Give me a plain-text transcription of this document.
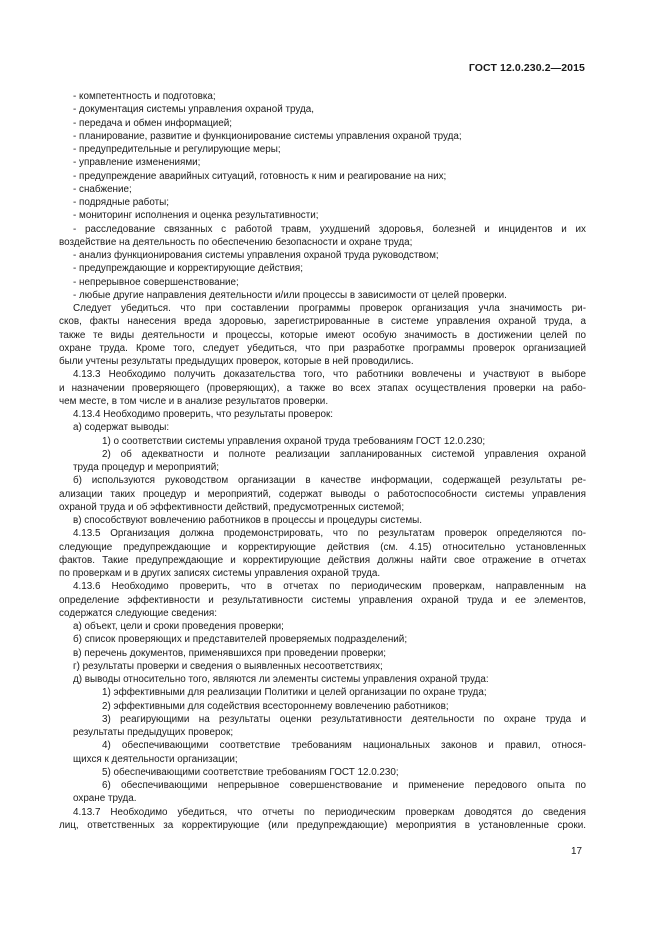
ГОСТ 12.0.230.2—2015
- компетентность и подготовка;
- документация системы управления охраной труда,
- передача и обмен информацией;
- планирование, развитие и функционирование системы управления охраной труда;
- предупредительные и регулирующие меры;
- управление изменениями;
- предупреждение аварийных ситуаций, готовность к ним и реагирование на них;
- снабжение;
- подрядные работы;
- мониторинг исполнения и оценка результативности;
- расследование связанных с работой травм, ухудшений здоровья, болезней и инцидентов и их
воздействие на деятельность по обеспечению безопасности и охране труда;
- анализ функционирования системы управления охраной труда руководством;
- предупреждающие и корректирующие действия;
- непрерывное совершенствование;
- любые другие направления деятельности и/или процессы в зависимости от целей проверки.
Следует убедиться. что при составлении программы проверок организация учла значимость ри-
сков, факты нанесения вреда здоровью, зарегистрированные в системе управления охраной труда, а
также те виды деятельности и процессы, которые имеют особую значимость в достижении целей по
охране труда. Кроме того, следует убедиться, что при разработке программы проверок организацией
были учтены результаты предыдущих проверок, которые в ней проводились.
4.13.3 Необходимо получить доказательства того, что работники вовлечены и участвуют в выборе
и назначении проверяющего (проверяющих), а также во всех этапах осуществления проверки на рабо-
чем месте, в том числе и в анализе результатов проверки.
4.13.4 Необходимо проверить, что результаты проверок:
а) содержат выводы:
1) о соответствии системы управления охраной труда требованиям ГОСТ 12.0.230;
2) об адекватности и полноте реализации запланированных системой управления охраной
труда процедур и мероприятий;
б) используются руководством организации в качестве информации, содержащей результаты ре-
ализации таких процедур и мероприятий, содержат выводы о работоспособности системы управления
охраной труда и об эффективности действий, предусмотренных системой;
в) способствуют вовлечению работников в процессы и процедуры системы.
4.13.5 Организация должна продемонстрировать, что по результатам проверок определяются по-
следующие предупреждающие и корректирующие действия (см. 4.15) относительно установленных
фактов. Такие предупреждающие и корректирующие действия должны найти свое отражение в отчетах
по проверкам и в других записях системы управления охраной труда.
4.13.6 Необходимо проверить, что в отчетах по периодическим проверкам, направленным на
определение эффективности и результативности системы управления охраной труда и ее элементов,
содержатся следующие сведения:
а) объект, цели и сроки проведения проверки;
б) список проверяющих и представителей проверяемых подразделений;
в) перечень документов, применявшихся при проведении проверки;
г) результаты проверки и сведения о выявленных несоответствиях;
д) выводы относительно того, являются ли элементы системы управления охраной труда:
1) эффективными для реализации Политики и целей организации по охране труда;
2) эффективными для содействия всестороннему вовлечению работников;
3) реагирующими на результаты оценки результативности деятельности по охране труда и
результаты предыдущих проверок;
4) обеспечивающими соответствие требованиям национальных законов и правил, относя-
щихся к деятельности организации;
5) обеспечивающими соответствие требованиям ГОСТ 12.0.230;
6) обеспечивающими непрерывное совершенствование и применение передового опыта по
охране труда.
4.13.7 Необходимо убедиться, что отчеты по периодическим проверкам доводятся до сведения
лиц, ответственных за корректирующие (или предупреждающие) мероприятия в установленные сроки.
17
